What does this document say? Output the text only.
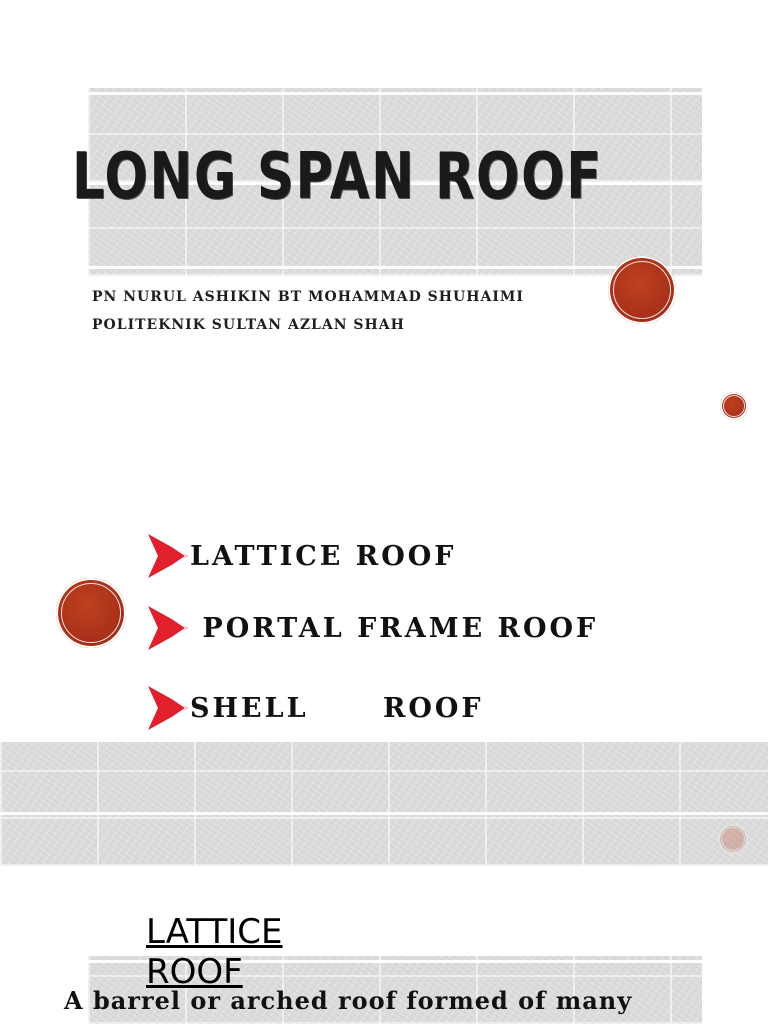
LONG SPAN ROOF
PN NURUL ASHIKIN BT MOHAMMAD SHUHAIMI
POLITEKNIK SULTAN AZLAN SHAH
LATTICE ROOF
PORTAL FRAME ROOF
SHELL      ROOF
LATTICE ROOF

A barrel or arched roof formed of many
